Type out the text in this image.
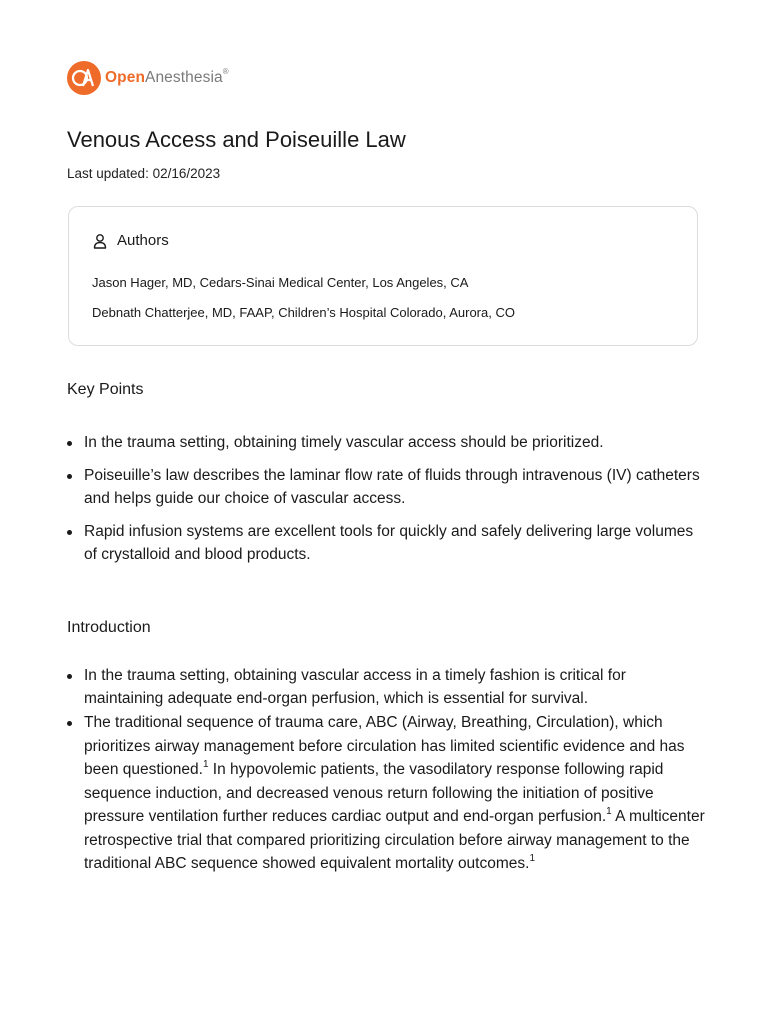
OpenAnesthesia®
Venous Access and Poiseuille Law
Last updated: 02/16/2023
Authors
Jason Hager, MD, Cedars-Sinai Medical Center, Los Angeles, CA
Debnath Chatterjee, MD, FAAP, Children’s Hospital Colorado, Aurora, CO
Key Points
In the trauma setting, obtaining timely vascular access should be prioritized.
Poiseuille’s law describes the laminar flow rate of fluids through intravenous (IV) catheters and helps guide our choice of vascular access.
Rapid infusion systems are excellent tools for quickly and safely delivering large volumes of crystalloid and blood products.
Introduction
In the trauma setting, obtaining vascular access in a timely fashion is critical for maintaining adequate end-organ perfusion, which is essential for survival.
The traditional sequence of trauma care, ABC (Airway, Breathing, Circulation), which prioritizes airway management before circulation has limited scientific evidence and has been questioned.$^1$ In hypovolemic patients, the vasodilatory response following rapid sequence induction, and decreased venous return following the initiation of positive pressure ventilation further reduces cardiac output and end-organ perfusion.$^1$ A multicenter retrospective trial that compared prioritizing circulation before airway management to the traditional ABC sequence showed equivalent mortality outcomes.$^1$
